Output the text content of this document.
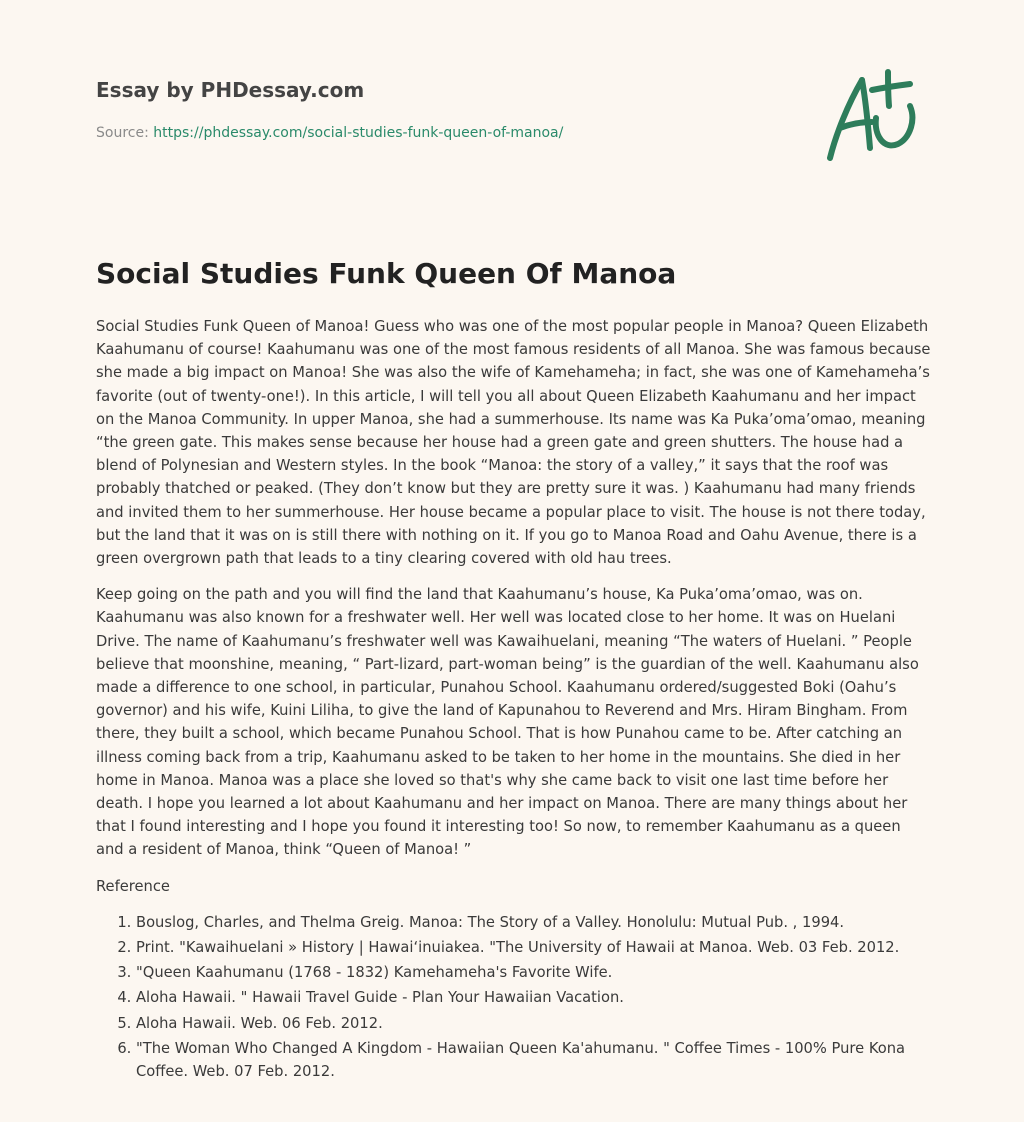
Essay by PHDessay.com
Source: https://phdessay.com/social-studies-funk-queen-of-manoa/
Social Studies Funk Queen Of Manoa

Social Studies Funk Queen of Manoa! Guess who was one of the most popular people in Manoa? Queen Elizabeth Kaahumanu of course! Kaahumanu was one of the most famous residents of all Manoa. She was famous because she made a big impact on Manoa! She was also the wife of Kamehameha; in fact, she was one of Kamehameha’s favorite (out of twenty-one!). In this article, I will tell you all about Queen Elizabeth Kaahumanu and her impact on the Manoa Community. In upper Manoa, she had a summerhouse. Its name was Ka Puka’oma’omao, meaning “the green gate. This makes sense because her house had a green gate and green shutters. The house had a blend of Polynesian and Western styles. In the book “Manoa: the story of a valley,” it says that the roof was probably thatched or peaked. (They don’t know but they are pretty sure it was. ) Kaahumanu had many friends and invited them to her summerhouse. Her house became a popular place to visit. The house is not there today, but the land that it was on is still there with nothing on it. If you go to Manoa Road and Oahu Avenue, there is a green overgrown path that leads to a tiny clearing covered with old hau trees.

Keep going on the path and you will find the land that Kaahumanu’s house, Ka Puka’oma’omao, was on. Kaahumanu was also known for a freshwater well. Her well was located close to her home. It was on Huelani Drive. The name of Kaahumanu’s freshwater well was Kawaihuelani, meaning “The waters of Huelani. ” People believe that moonshine, meaning, “ Part-lizard, part-woman being” is the guardian of the well. Kaahumanu also made a difference to one school, in particular, Punahou School. Kaahumanu ordered/suggested Boki (Oahu’s governor) and his wife, Kuini Liliha, to give the land of Kapunahou to Reverend and Mrs. Hiram Bingham. From there, they built a school, which became Punahou School. That is how Punahou came to be. After catching an illness coming back from a trip, Kaahumanu asked to be taken to her home in the mountains. She died in her home in Manoa. Manoa was a place she loved so that's why she came back to visit one last time before her death. I hope you learned a lot about Kaahumanu and her impact on Manoa. There are many things about her that I found interesting and I hope you found it interesting too! So now, to remember Kaahumanu as a queen and a resident of Manoa, think “Queen of Manoa! ”

Reference

1. Bouslog, Charles, and Thelma Greig. Manoa: The Story of a Valley. Honolulu: Mutual Pub. , 1994.
2. Print. "Kawaihuelani » History | Hawai‘inuiakea. "The University of Hawaii at Manoa. Web. 03 Feb. 2012.
3. "Queen Kaahumanu (1768 - 1832) Kamehameha's Favorite Wife.
4. Aloha Hawaii. " Hawaii Travel Guide - Plan Your Hawaiian Vacation.
5. Aloha Hawaii. Web. 06 Feb. 2012.
6. "The Woman Who Changed A Kingdom - Hawaiian Queen Ka'ahumanu. " Coffee Times - 100% Pure Kona Coffee. Web. 07 Feb. 2012.
